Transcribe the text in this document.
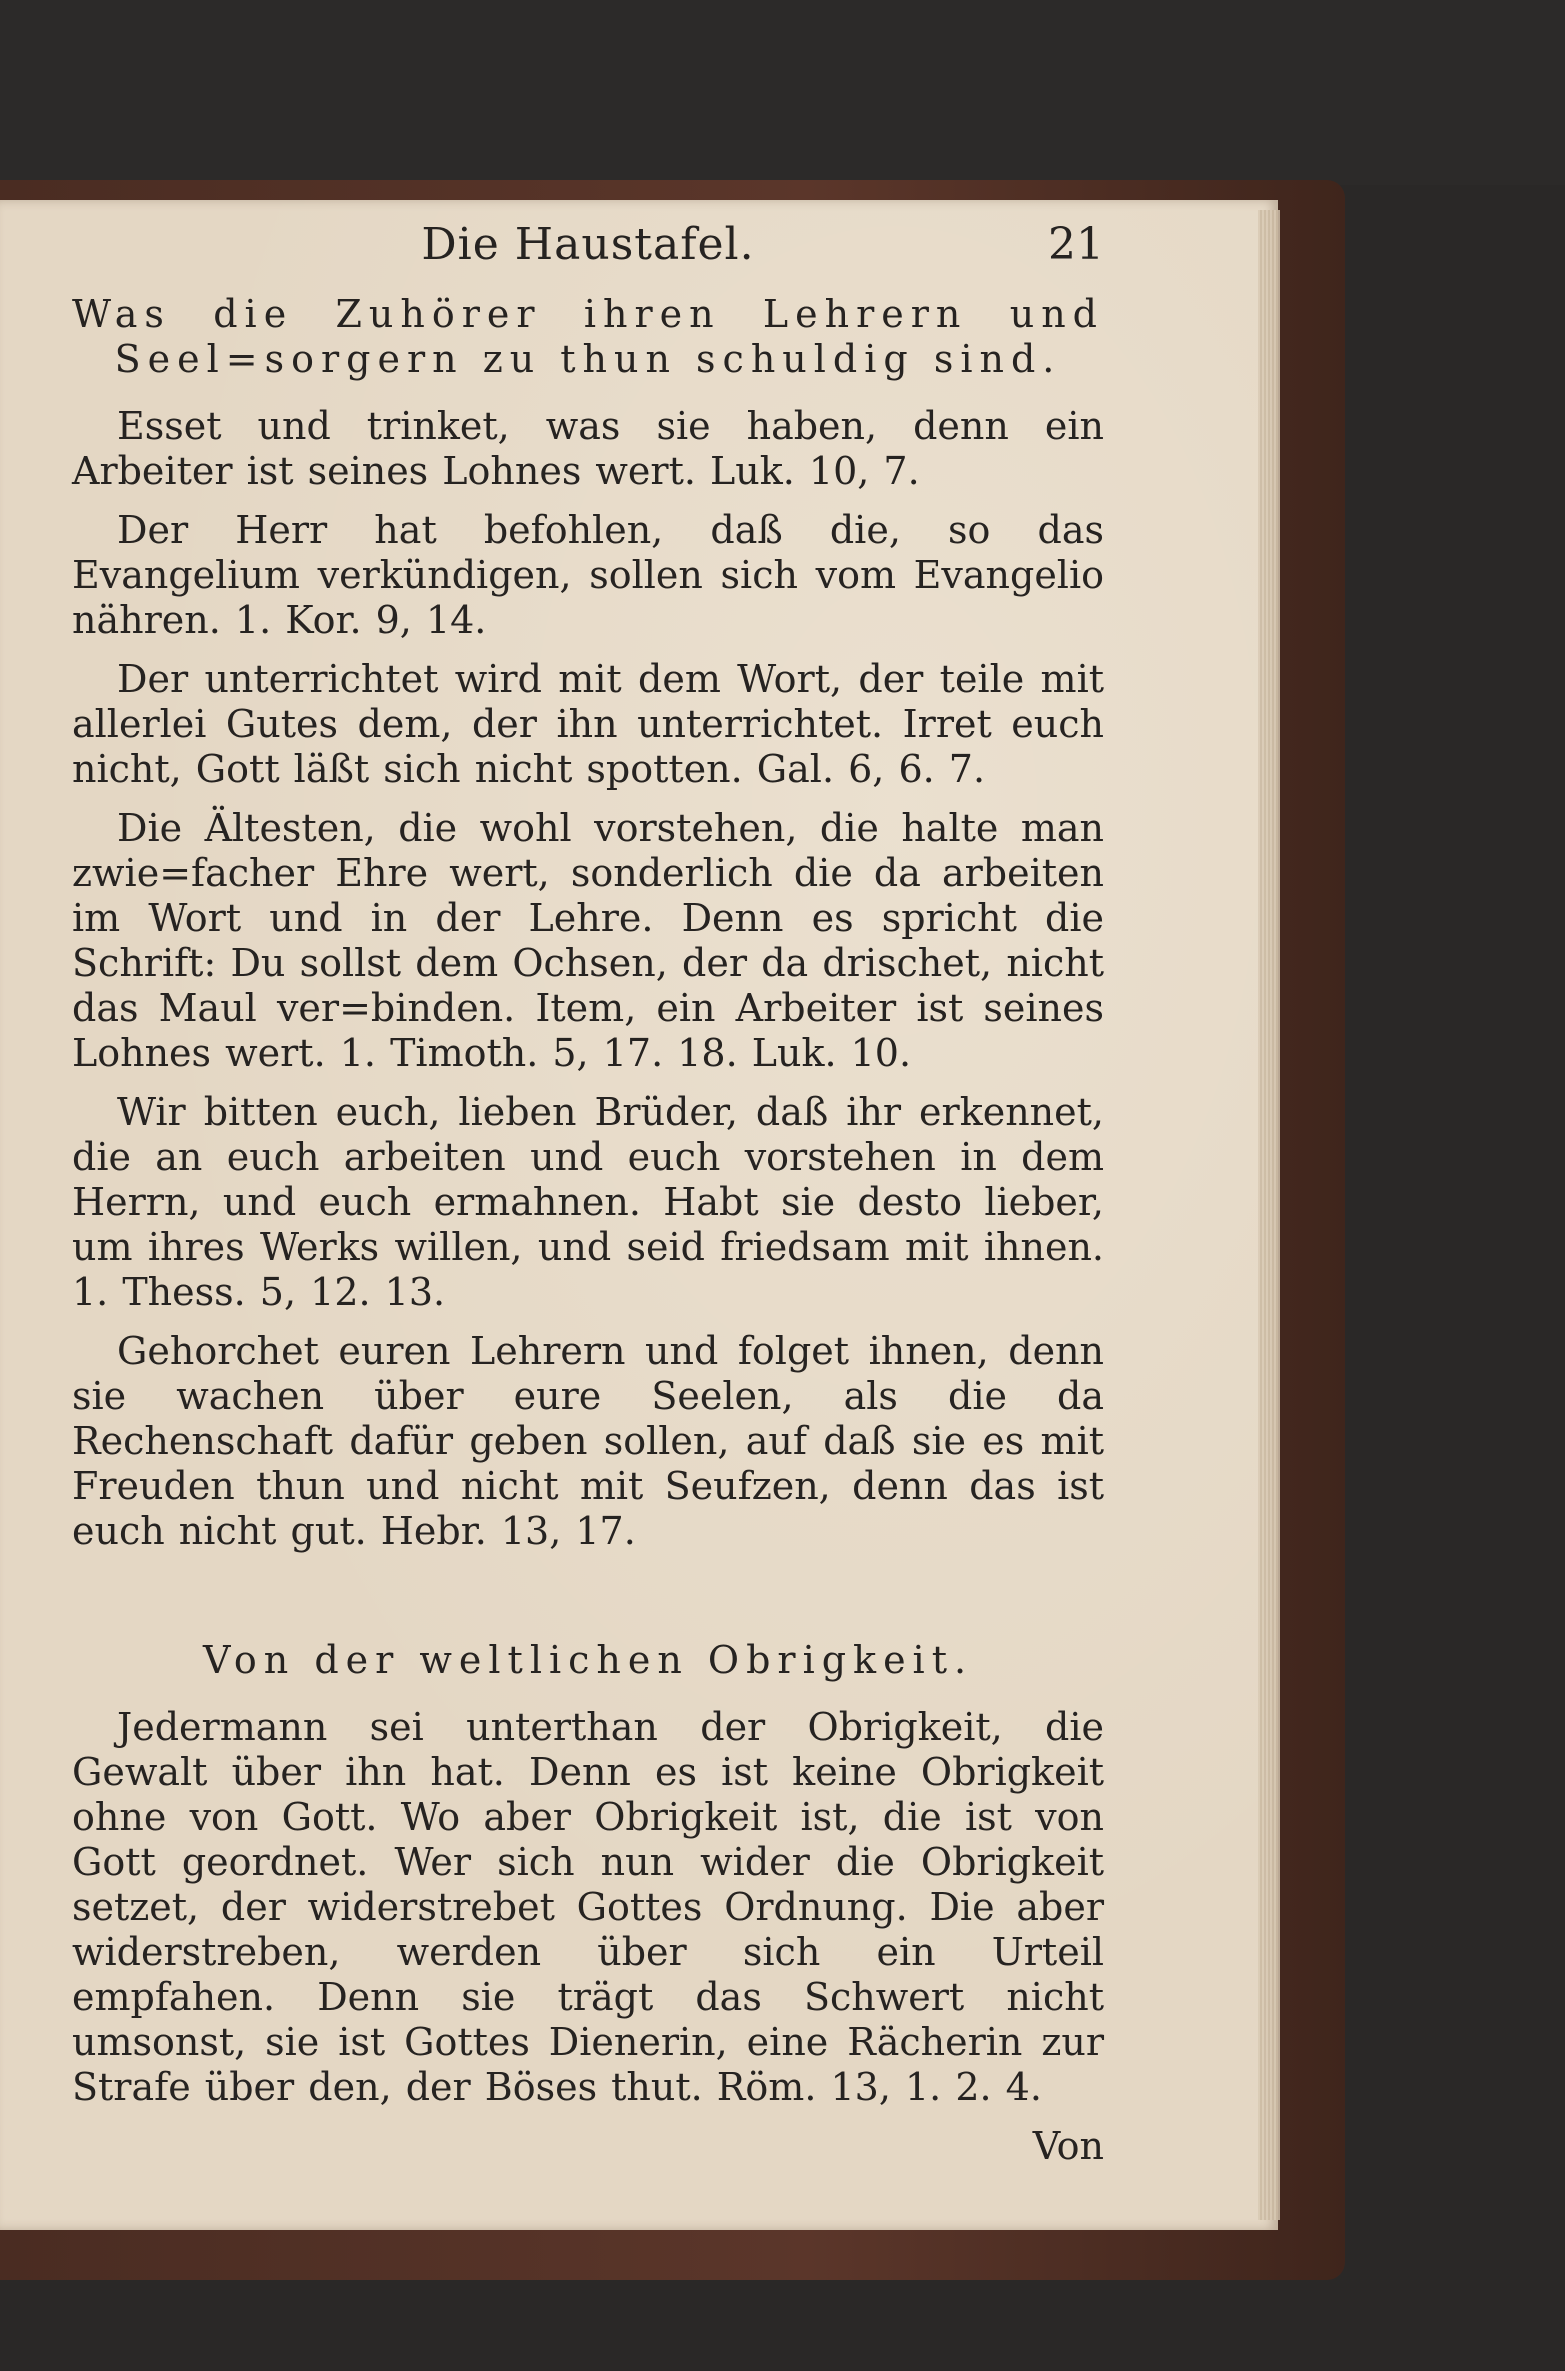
Die Haustafel.	21
Was die Zuhörer ihren Lehrern und Seel=sorgern zu thun schuldig sind.

Esset und trinket, was sie haben, denn ein Arbeiter ist seines Lohnes wert. Luk. 10, 7.

Der Herr hat befohlen, daß die, so das Evangelium verkündigen, sollen sich vom Evangelio nähren. 1. Kor. 9, 14.

Der unterrichtet wird mit dem Wort, der teile mit allerlei Gutes dem, der ihn unterrichtet. Irret euch nicht, Gott läßt sich nicht spotten. Gal. 6, 6. 7.

Die Ältesten, die wohl vorstehen, die halte man zwie=facher Ehre wert, sonderlich die da arbeiten im Wort und in der Lehre. Denn es spricht die Schrift: Du sollst dem Ochsen, der da drischet, nicht das Maul ver=binden. Item, ein Arbeiter ist seines Lohnes wert. 1. Timoth. 5, 17. 18. Luk. 10.

Wir bitten euch, lieben Brüder, daß ihr erkennet, die an euch arbeiten und euch vorstehen in dem Herrn, und euch ermahnen. Habt sie desto lieber, um ihres Werks willen, und seid friedsam mit ihnen. 1. Thess. 5, 12. 13.

Gehorchet euren Lehrern und folget ihnen, denn sie wachen über eure Seelen, als die da Rechenschaft dafür geben sollen, auf daß sie es mit Freuden thun und nicht mit Seufzen, denn das ist euch nicht gut. Hebr. 13, 17.

Von der weltlichen Obrigkeit.

Jedermann sei unterthan der Obrigkeit, die Gewalt über ihn hat. Denn es ist keine Obrigkeit ohne von Gott. Wo aber Obrigkeit ist, die ist von Gott geordnet. Wer sich nun wider die Obrigkeit setzet, der widerstrebet Gottes Ordnung. Die aber widerstreben, werden über sich ein Urteil empfahen. Denn sie trägt das Schwert nicht umsonst, sie ist Gottes Dienerin, eine Rächerin zur Strafe über den, der Böses thut. Röm. 13, 1. 2. 4.

Von
